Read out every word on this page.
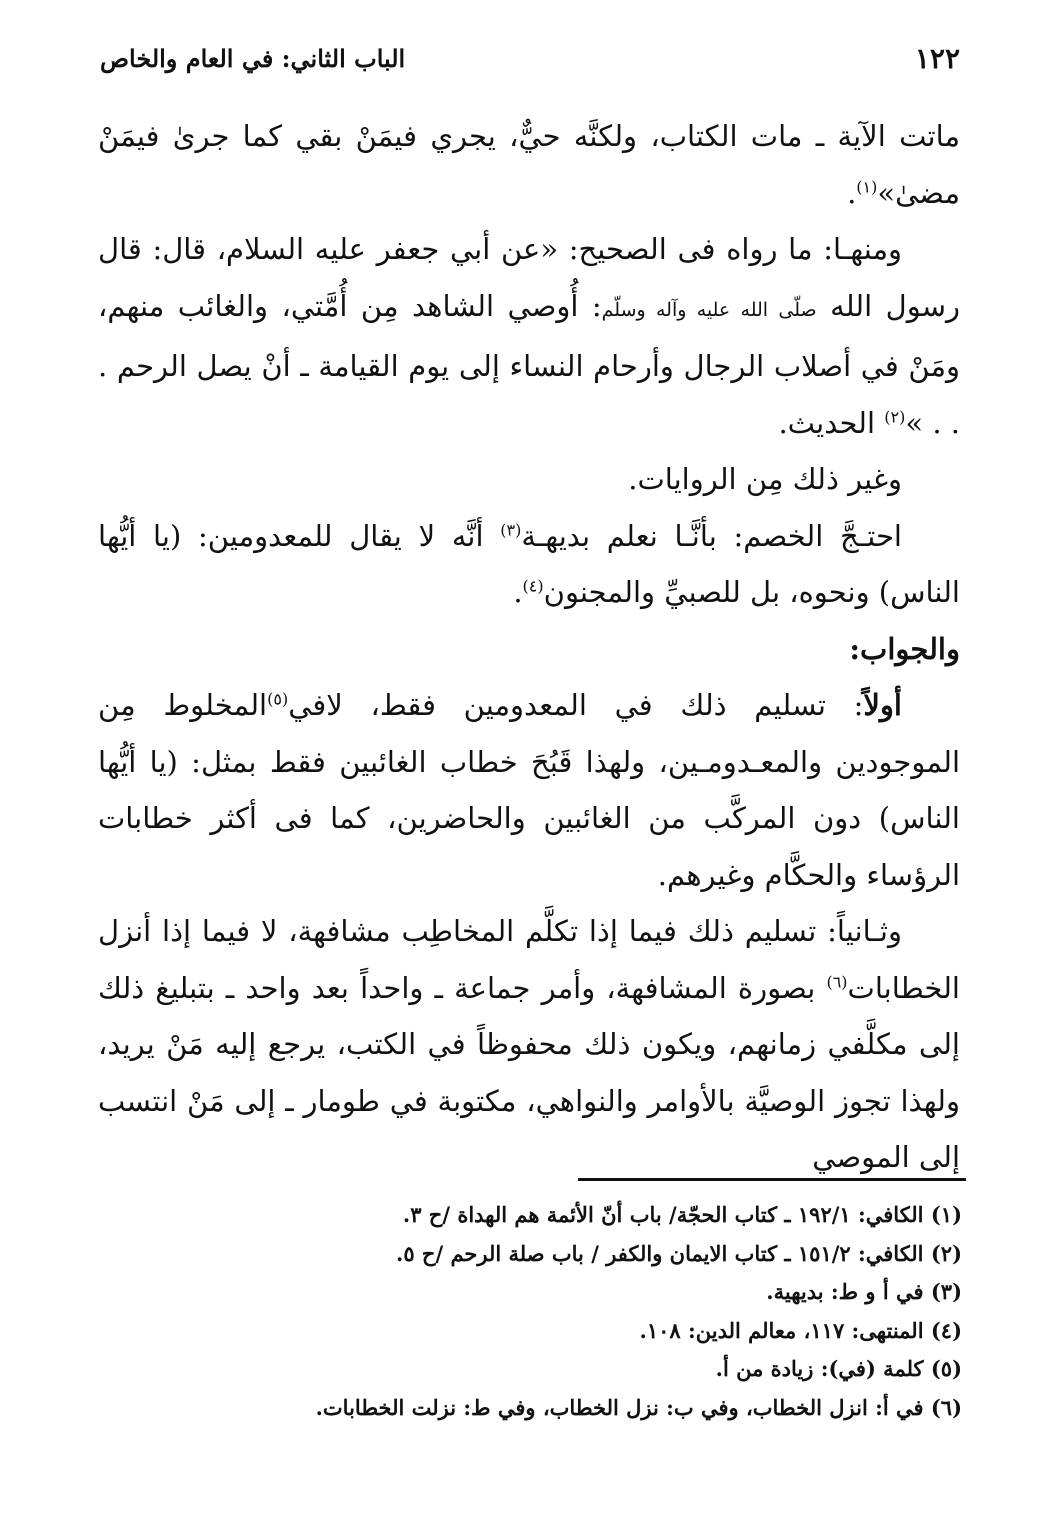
١٢٢
الباب الثاني: في العام والخاص

ماتت الآية ـ مات الكتاب، ولكنَّه حيٌّ، يجري فيمَنْ بقي كما جرىٰ فيمَنْ مضىٰ»$^{(١)}$.

ومنهـا: ما رواه فى الصحيح: «عن أبي جعفر عليه السلام، قال: قال رسول الله صلّى الله عليه وآله وسلّم: أُوصي الشاهد مِن أُمَّتي، والغائب منهم، ومَنْ في أصلاب الرجال وأرحام النساء إلى يوم القيامة ـ أنْ يصل الرحم . . . »$^{(٢)}$ الحديث.

وغير ذلك مِن الروايات.

احتـجَّ الخصم: بأنَّـا نعلم بديهـة$^{(٣)}$ أنَّه لا يقال للمعدومين: (يا أيُّها الناس) ونحوه، بل للصبيِّ والمجنون$^{(٤)}$.

والجواب:

أولاً: تسليم ذلك في المعدومين فقط، لافي$^{(٥)}$المخلوط مِن الموجودين والمعـدومـين، ولهذا قَبُحَ خطاب الغائبين فقط بمثل: (يا أيُّها الناس) دون المركَّب من الغائبين والحاضرين، كما فى أكثر خطابات الرؤساء والحكَّام وغيرهم.

وثـانياً: تسليم ذلك فيما إذا تكلَّم المخاطِب مشافهة، لا فيما إذا أنزل الخطابات$^{(٦)}$ بصورة المشافهة، وأمر جماعة ـ واحداً بعد واحد ـ بتبليغ ذلك إلى مكلَّفي زمانهم، ويكون ذلك محفوظاً في الكتب، يرجع إليه مَنْ يريد، ولهذا تجوز الوصيَّة بالأوامر والنواهي، مكتوبة في طومار ـ إلى مَنْ انتسب إلى الموصي

(١) الكافي: ١٩٢/١ ـ كتاب الحجّة/ باب أنّ الأئمة هم الهداة /ح ٣.
(٢) الكافي: ١٥١/٢ ـ كتاب الايمان والكفر / باب صلة الرحم /ح ٥.
(٣) في أ و ط: بديهية.
(٤) المنتهى: ١١٧، معالم الدين: ١٠٨.
(٥) كلمة (في): زيادة من أ.
(٦) في أ: انزل الخطاب، وفي ب: نزل الخطاب، وفي ط: نزلت الخطابات.
